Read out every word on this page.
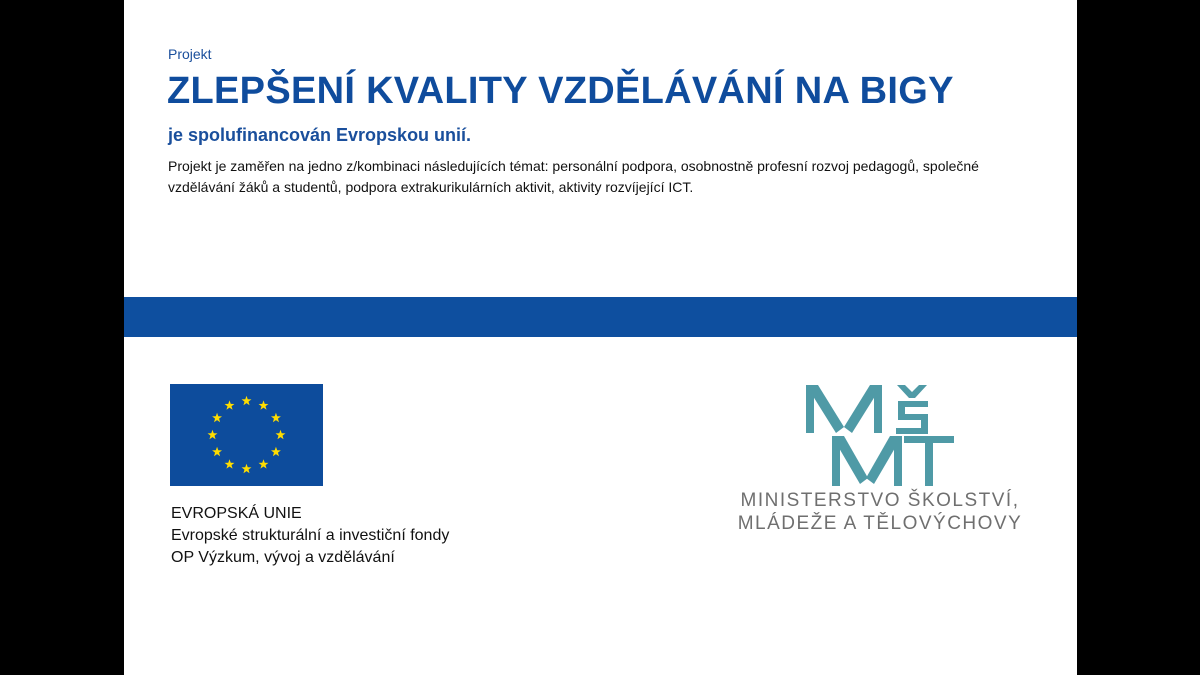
Projekt
ZLEPŠENÍ KVALITY VZDĚLÁVÁNÍ NA BIGY
je spolufinancován Evropskou unií.
Projekt je zaměřen na jedno z/kombinaci následujících témat: personální podpora, osobnostně profesní rozvoj pedagogů, společné vzdělávání žáků a studentů, podpora extrakurikulárních aktivit, aktivity rozvíjející ICT.
EVROPSKÁ UNIE
Evropské strukturální a investiční fondy
OP Výzkum, vývoj a vzdělávání
MINISTERSTVO ŠKOLSTVÍ,
MLÁDEŽE A TĚLOVÝCHOVY
